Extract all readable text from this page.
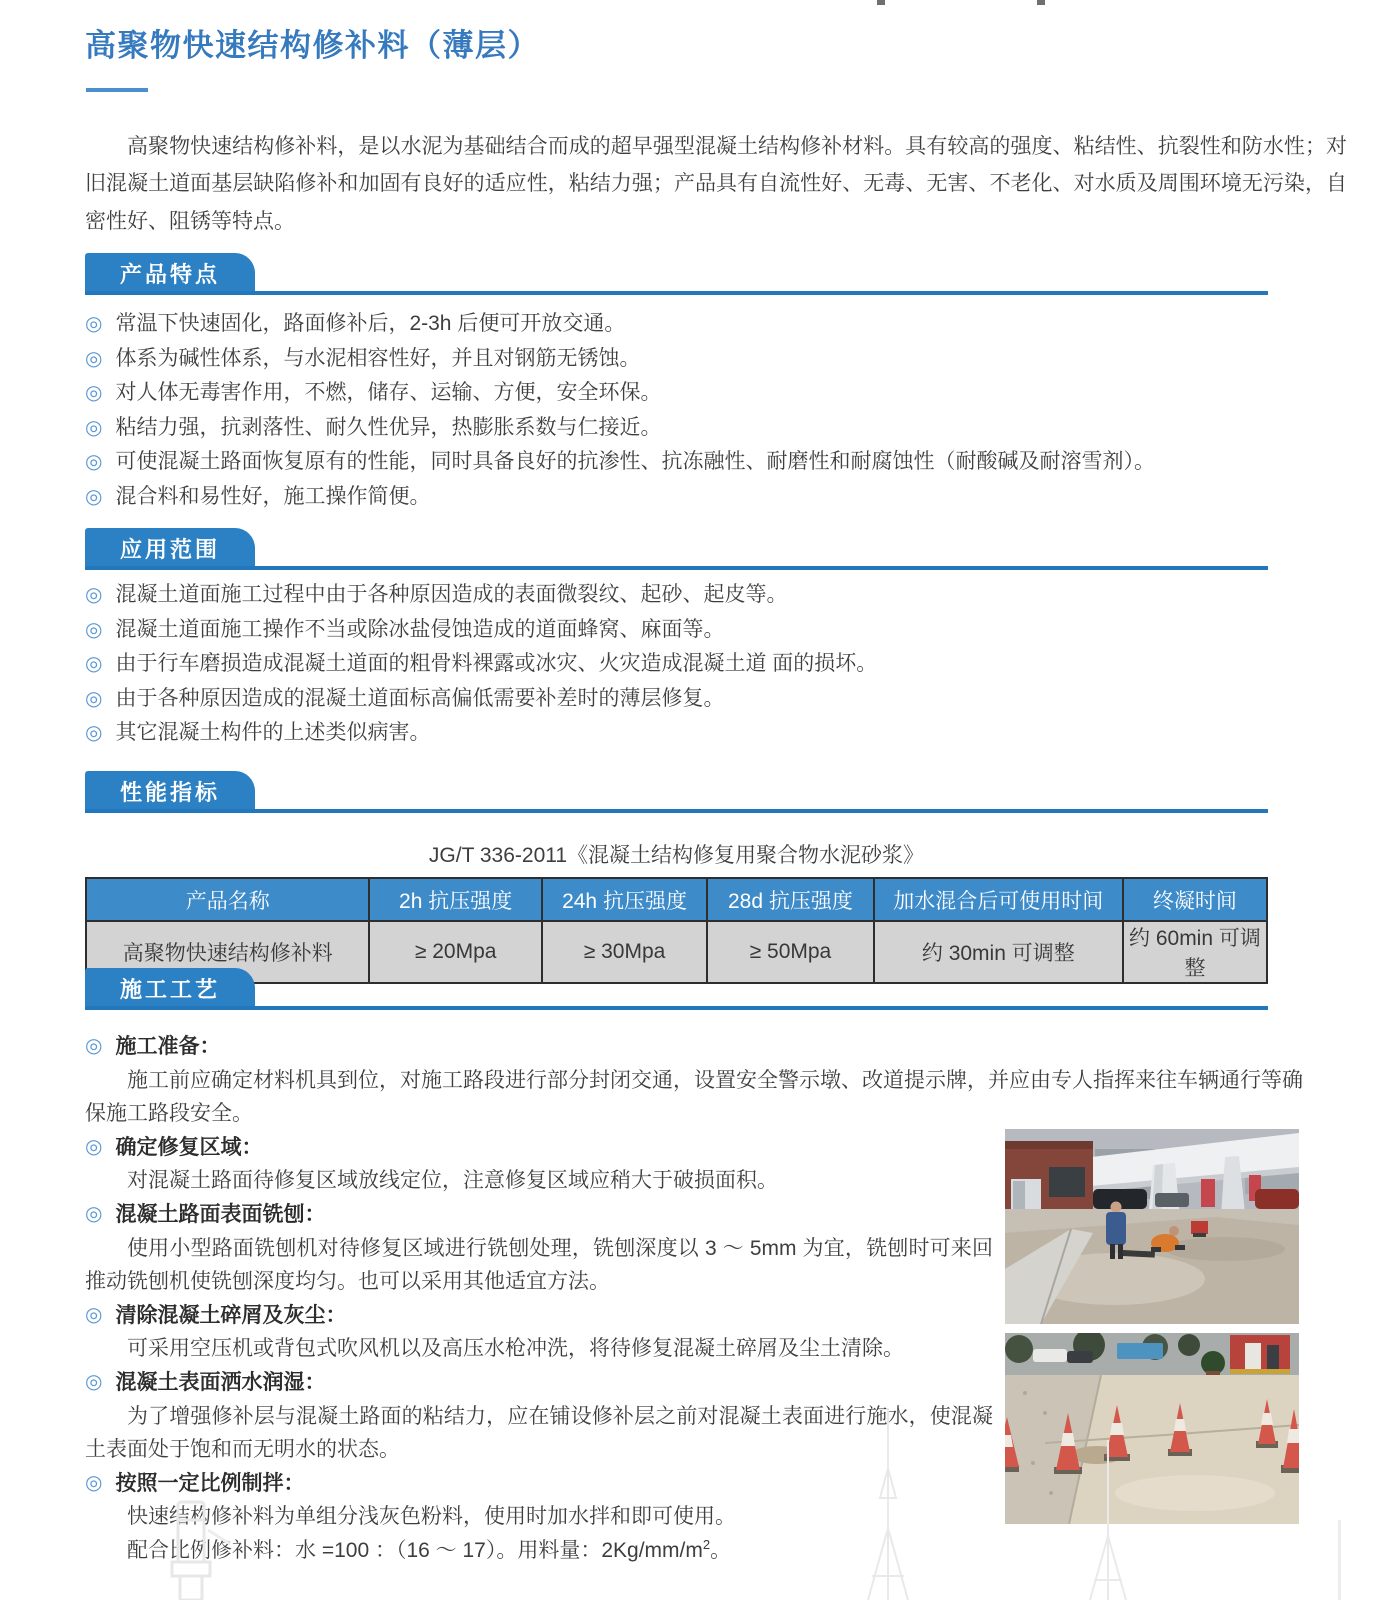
高聚物快速结构修补料（薄层）
高聚物快速结构修补料，是以水泥为基础结合而成的超早强型混凝土结构修补材料。具有较高的强度、粘结性、抗裂性和防水性；对旧混凝土道面基层缺陷修补和加固有良好的适应性，粘结力强；产品具有自流性好、无毒、无害、不老化、对水质及周围环境无污染，自密性好、阻锈等特点。
产品特点
◎ 常温下快速固化，路面修补后，2-3h 后便可开放交通。
◎ 体系为碱性体系，与水泥相容性好，并且对钢筋无锈蚀。
◎ 对人体无毒害作用，不燃，储存、运输、方便，安全环保。
◎ 粘结力强，抗剥落性、耐久性优异，热膨胀系数与仁接近。
◎ 可使混凝土路面恢复原有的性能，同时具备良好的抗渗性、抗冻融性、耐磨性和耐腐蚀性（耐酸碱及耐溶雪剂）。
◎ 混合料和易性好，施工操作简便。
应用范围
◎ 混凝土道面施工过程中由于各种原因造成的表面微裂纹、起砂、起皮等。
◎ 混凝土道面施工操作不当或除冰盐侵蚀造成的道面蜂窝、麻面等。
◎ 由于行车磨损造成混凝土道面的粗骨料裸露或冰灾、火灾造成混凝土道 面的损坏。
◎ 由于各种原因造成的混凝土道面标高偏低需要补差时的薄层修复。
◎ 其它混凝土构件的上述类似病害。
性能指标
JG/T 336-2011《混凝土结构修复用聚合物水泥砂浆》
产品名称	2h 抗压强度	24h 抗压强度	28d 抗压强度	加水混合后可使用时间	终凝时间
高聚物快速结构修补料	≥ 20Mpa	≥ 30Mpa	≥ 50Mpa	约 30min 可调整	约 60min 可调整
施工工艺
◎ 施工准备：

施工前应确定材料机具到位，对施工路段进行部分封闭交通，设置安全警示墩、改道提示牌，并应由专人指挥来往车辆通行等确保施工路段安全。

◎ 确定修复区域：

对混凝土路面待修复区域放线定位，注意修复区域应稍大于破损面积。

◎ 混凝土路面表面铣刨：

使用小型路面铣刨机对待修复区域进行铣刨处理，铣刨深度以 3 ～ 5mm 为宜，铣刨时可来回推动铣刨机使铣刨深度均匀。也可以采用其他适宜方法。

◎ 清除混凝土碎屑及灰尘：

可采用空压机或背包式吹风机以及高压水枪冲洗，将待修复混凝土碎屑及尘土清除。

◎ 混凝土表面洒水润湿：

为了增强修补层与混凝土路面的粘结力，应在铺设修补层之前对混凝土表面进行施水，使混凝土表面处于饱和而无明水的状态。

◎ 按照一定比例制拌：

快速结构修补料为单组分浅灰色粉料，使用时加水拌和即可使用。

配合比例修补料：水 =100 ：（16 ～ 17）。用料量：$2Kg/mm/m^2$。
